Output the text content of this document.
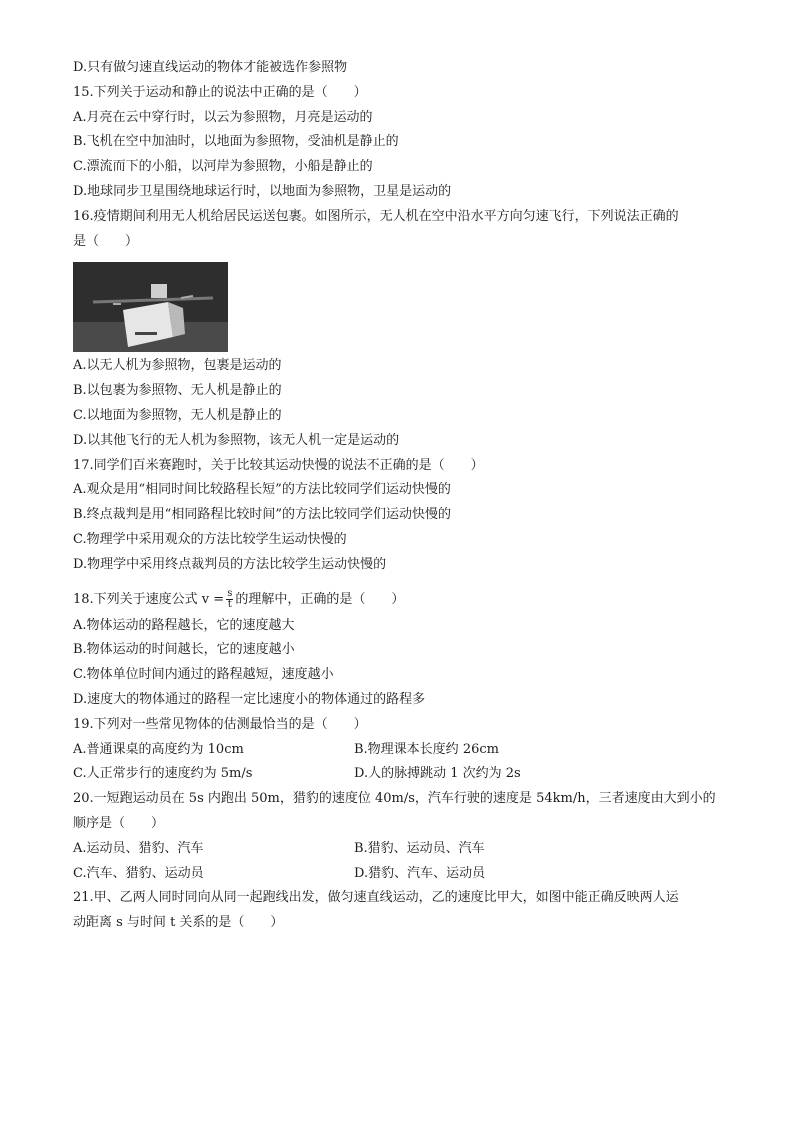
D.只有做匀速直线运动的物体才能被选作参照物
15.下列关于运动和静止的说法中正确的是（　　）
A.月亮在云中穿行时，以云为参照物，月亮是运动的
B.飞机在空中加油时，以地面为参照物，受油机是静止的
C.漂流而下的小船，以河岸为参照物，小船是静止的
D.地球同步卫星围绕地球运行时，以地面为参照物，卫星是运动的
16.疫情期间利用无人机给居民运送包裹。如图所示，无人机在空中沿水平方向匀速飞行，下列说法正确的
是（　　）
A.以无人机为参照物，包裹是运动的
B.以包裹为参照物、无人机是静止的
C.以地面为参照物，无人机是静止的
D.以其他飞行的无人机为参照物，该无人机一定是运动的
17.同学们百米赛跑时，关于比较其运动快慢的说法不正确的是（　　）
A.观众是用“相同时间比较路程长短”的方法比较同学们运动快慢的
B.终点裁判是用“相同路程比较时间”的方法比较同学们运动快慢的
C.物理学中采用观众的方法比较学生运动快慢的
D.物理学中采用终点裁判员的方法比较学生运动快慢的
18.下列关于速度公式 $v = \frac{s}{t}$ 的理解中，正确的是（　　）
A.物体运动的路程越长，它的速度越大
B.物体运动的时间越长，它的速度越小
C.物体单位时间内通过的路程越短，速度越小
D.速度大的物体通过的路程一定比速度小的物体通过的路程多
19.下列对一些常见物体的估测最恰当的是（　　）
A.普通课桌的高度约为 10cm	B.物理课本长度约 26cm
C.人正常步行的速度约为 5m/s	D.人的脉搏跳动 1 次约为 2s
20.一短跑运动员在 5s 内跑出 50m，猎豹的速度位 40m/s，汽车行驶的速度是 54km/h，三者速度由大到小的
顺序是（　　）
A.运动员、猎豹、汽车	B.猎豹、运动员、汽车
C.汽车、猎豹、运动员	D.猎豹、汽车、运动员
21.甲、乙两人同时同向从同一起跑线出发，做匀速直线运动，乙的速度比甲大，如图中能正确反映两人运
动距离 s 与时间 t 关系的是（　　）
